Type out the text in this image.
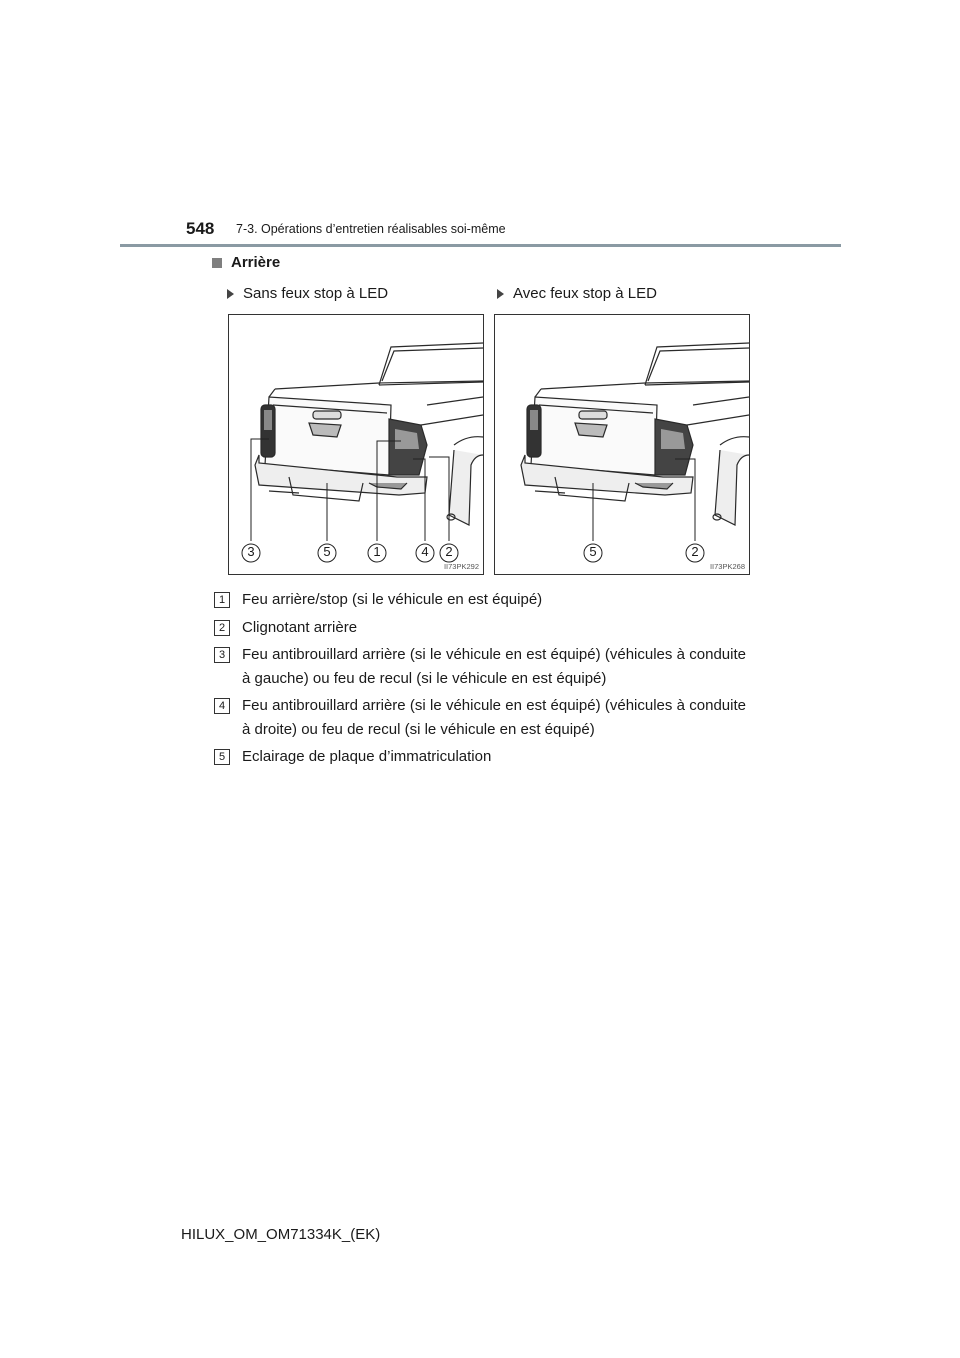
548 7-3. Opérations d’entretien réalisables soi-même
Arrière
Sans feux stop à LED	Avec feux stop à LED
3	5	1	4 2
II73PK292
5	2
II73PK268
1	Feu arrière/stop (si le véhicule en est équipé)
2	Clignotant arrière
3	Feu antibrouillard arrière (si le véhicule en est équipé) (véhicules à conduite à gauche) ou feu de recul (si le véhicule en est équipé)
4	Feu antibrouillard arrière (si le véhicule en est équipé) (véhicules à conduite à droite) ou feu de recul (si le véhicule en est équipé)
5	Eclairage de plaque d’immatriculation
HILUX_OM_OM71334K_(EK)
